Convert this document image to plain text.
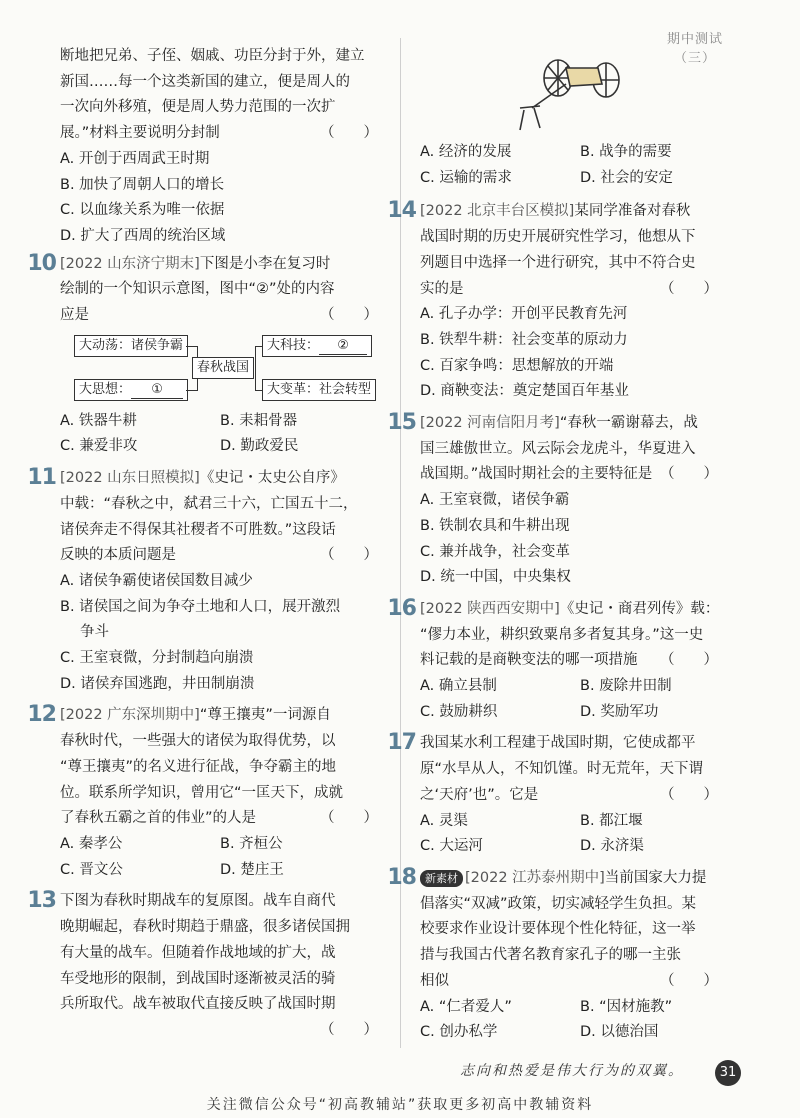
期中测试（三）
断地把兄弟、子侄、姻戚、功臣分封于外，建立
新国……每一个这类新国的建立，便是周人的
一次向外移殖，便是周人势力范围的一次扩
展。”材料主要说明分封制	（　　）
A. 开创于西周武王时期
B. 加快了周朝人口的增长
C. 以血缘关系为唯一依据
D. 扩大了西周的统治区域
10 [2022 山东济宁期末]下图是小李在复习时
绘制的一个知识示意图，图中“②”处的内容
应是	（　　）
大动荡：诸侯争霸
大思想： ①
春秋战国
大科技： ②
大变革：社会转型
A. 铁器牛耕	B. 耒耜骨器
C. 兼爱非攻	D. 勤政爱民
11 [2022 山东日照模拟]《史记・太史公自序》
中载：“春秋之中，弑君三十六，亡国五十二，
诸侯奔走不得保其社稷者不可胜数。”这段话
反映的本质问题是	（　　）
A. 诸侯争霸使诸侯国数目减少
B. 诸侯国之间为争夺土地和人口，展开激烈
争斗
C. 王室衰微，分封制趋向崩溃
D. 诸侯弃国逃跑，井田制崩溃
12 [2022 广东深圳期中]“尊王攘夷”一词源自
春秋时代，一些强大的诸侯为取得优势，以
“尊王攘夷”的名义进行征战，争夺霸主的地
位。联系所学知识，曾用它“一匡天下，成就
了春秋五霸之首的伟业”的人是	（　　）
A. 秦孝公	B. 齐桓公
C. 晋文公	D. 楚庄王
13 下图为春秋时期战车的复原图。战车自商代
晚期崛起，春秋时期趋于鼎盛，很多诸侯国拥
有大量的战车。但随着作战地域的扩大，战
车受地形的限制，到战国时逐渐被灵活的骑
兵所取代。战车被取代直接反映了战国时期
（　　）

A. 经济的发展	B. 战争的需要
C. 运输的需求	D. 社会的安定
14 [2022 北京丰台区模拟]某同学准备对春秋
战国时期的历史开展研究性学习，他想从下
列题目中选择一个进行研究，其中不符合史
实的是	（　　）
A. 孔子办学：开创平民教育先河
B. 铁犁牛耕：社会变革的原动力
C. 百家争鸣：思想解放的开端
D. 商鞅变法：奠定楚国百年基业
15 [2022 河南信阳月考]“春秋一霸谢幕去，战
国三雄傲世立。风云际会龙虎斗，华夏进入
战国期。”战国时期社会的主要特征是 （　　）
A. 王室衰微，诸侯争霸
B. 铁制农具和牛耕出现
C. 兼并战争，社会变革
D. 统一中国，中央集权
16 [2022 陕西西安期中]《史记・商君列传》载：
“僇力本业，耕织致粟帛多者复其身。”这一史
料记载的是商鞅变法的哪一项措施 （　　）
A. 确立县制	B. 废除井田制
C. 鼓励耕织	D. 奖励军功
17 我国某水利工程建于战国时期，它使成都平
原“水旱从人，不知饥馑。时无荒年，天下谓
之‘天府’也”。它是	（　　）
A. 灵渠	B. 都江堰
C. 大运河	D. 永济渠
18 新素材 [2022 江苏泰州期中]当前国家大力提
倡落实“双减”政策，切实减轻学生负担。某
校要求作业设计要体现个性化特征，这一举
措与我国古代著名教育家孔子的哪一主张
相似	（　　）
A. “仁者爱人”	B. “因材施教”
C. 创办私学	D. 以德治国
志向和热爱是伟大行为的双翼。	31
关注微信公众号“初高教辅站”获取更多初高中教辅资料
